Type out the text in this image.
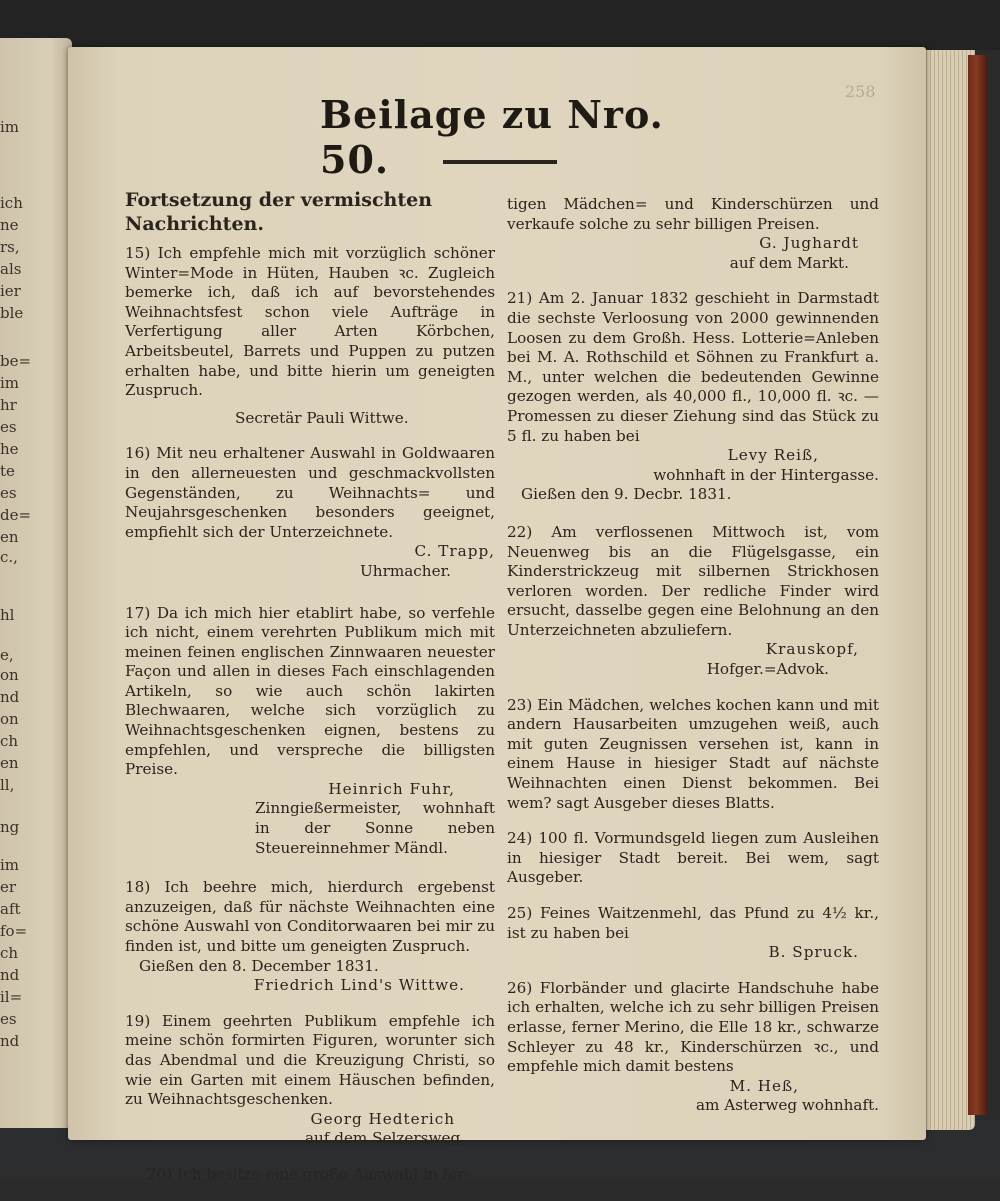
im
ich
ne
rs,
als
ier
ble
be=
im
hr
es
he
te
es
de=
en
c.,
hl
e,
on
nd
on
ch
en
ll,
ng
im
er
aft
fo=
ch
nd
il=
es
nd
258
Beilage zu Nro. 50.

Fortsetzung der vermischten Nachrichten.

15) Ich empfehle mich mit vorzüglich schöner Winter=Mode in Hüten, Hauben ꝛc. Zugleich bemerke ich, daß ich auf bevorstehendes Weihnachtsfest schon viele Aufträge in Verfertigung aller Arten Körbchen, Arbeitsbeutel, Barrets und Puppen zu putzen erhalten habe, und bitte hierin um geneigten Zuspruch.
Secretär Pauli Wittwe.
16) Mit neu erhaltener Auswahl in Goldwaaren in den allerneuesten und geschmackvollsten Gegenständen, zu Weihnachts= und Neujahrsgeschenken besonders geeignet, empfiehlt sich der Unterzeichnete.
C. Trapp,
Uhrmacher.
17) Da ich mich hier etablirt habe, so verfehle ich nicht, einem verehrten Publikum mich mit meinen feinen englischen Zinnwaaren neuester Façon und allen in dieses Fach einschlagenden Artikeln, so wie auch schön lakirten Blechwaaren, welche sich vorzüglich zu Weihnachtsgeschenken eignen, bestens zu empfehlen, und verspreche die billigsten Preise.
Heinrich Fuhr,
Zinngießermeister, wohnhaft in der Sonne neben Steuereinnehmer Mändl.
18) Ich beehre mich, hierdurch ergebenst anzuzeigen, daß für nächste Weihnachten eine schöne Auswahl von Conditorwaaren bei mir zu finden ist, und bitte um geneigten Zuspruch.
Gießen den 8. December 1831.
Friedrich Lind's Wittwe.
19) Einem geehrten Publikum empfehle ich meine schön formirten Figuren, worunter sich das Abendmal und die Kreuzigung Christi, so wie ein Garten mit einem Häuschen befinden, zu Weihnachtsgeschenken.
Georg Hedterich
auf dem Selzersweg.
20) Ich besitze eine große Auswahl in fer-
tigen Mädchen= und Kinderschürzen und verkaufe solche zu sehr billigen Preisen.
G. Jughardt
auf dem Markt.
21) Am 2. Januar 1832 geschieht in Darmstadt die sechste Verloosung von 2000 gewinnenden Loosen zu dem Großh. Hess. Lotterie=Anleben bei M. A. Rothschild et Söhnen zu Frankfurt a. M., unter welchen die bedeutenden Gewinne gezogen werden, als 40,000 fl., 10,000 fl. ꝛc. — Promessen zu dieser Ziehung sind das Stück zu 5 fl. zu haben bei
Levy Reiß,
wohnhaft in der Hintergasse.
Gießen den 9. Decbr. 1831.
22) Am verflossenen Mittwoch ist, vom Neuenweg bis an die Flügelsgasse, ein Kinderstrickzeug mit silbernen Strickhosen verloren worden. Der redliche Finder wird ersucht, dasselbe gegen eine Belohnung an den Unterzeichneten abzuliefern.
Krauskopf,
Hofger.=Advok.
23) Ein Mädchen, welches kochen kann und mit andern Hausarbeiten umzugehen weiß, auch mit guten Zeugnissen versehen ist, kann in einem Hause in hiesiger Stadt auf nächste Weihnachten einen Dienst bekommen. Bei wem? sagt Ausgeber dieses Blatts.
24) 100 fl. Vormundsgeld liegen zum Ausleihen in hiesiger Stadt bereit. Bei wem, sagt Ausgeber.
25) Feines Waitzenmehl, das Pfund zu 4½ kr., ist zu haben bei
B. Spruck.
26) Florbänder und glacirte Handschuhe habe ich erhalten, welche ich zu sehr billigen Preisen erlasse, ferner Merino, die Elle 18 kr., schwarze Schleyer zu 48 kr., Kinderschürzen ꝛc., und empfehle mich damit bestens
M. Heß,
am Asterweg wohnhaft.
